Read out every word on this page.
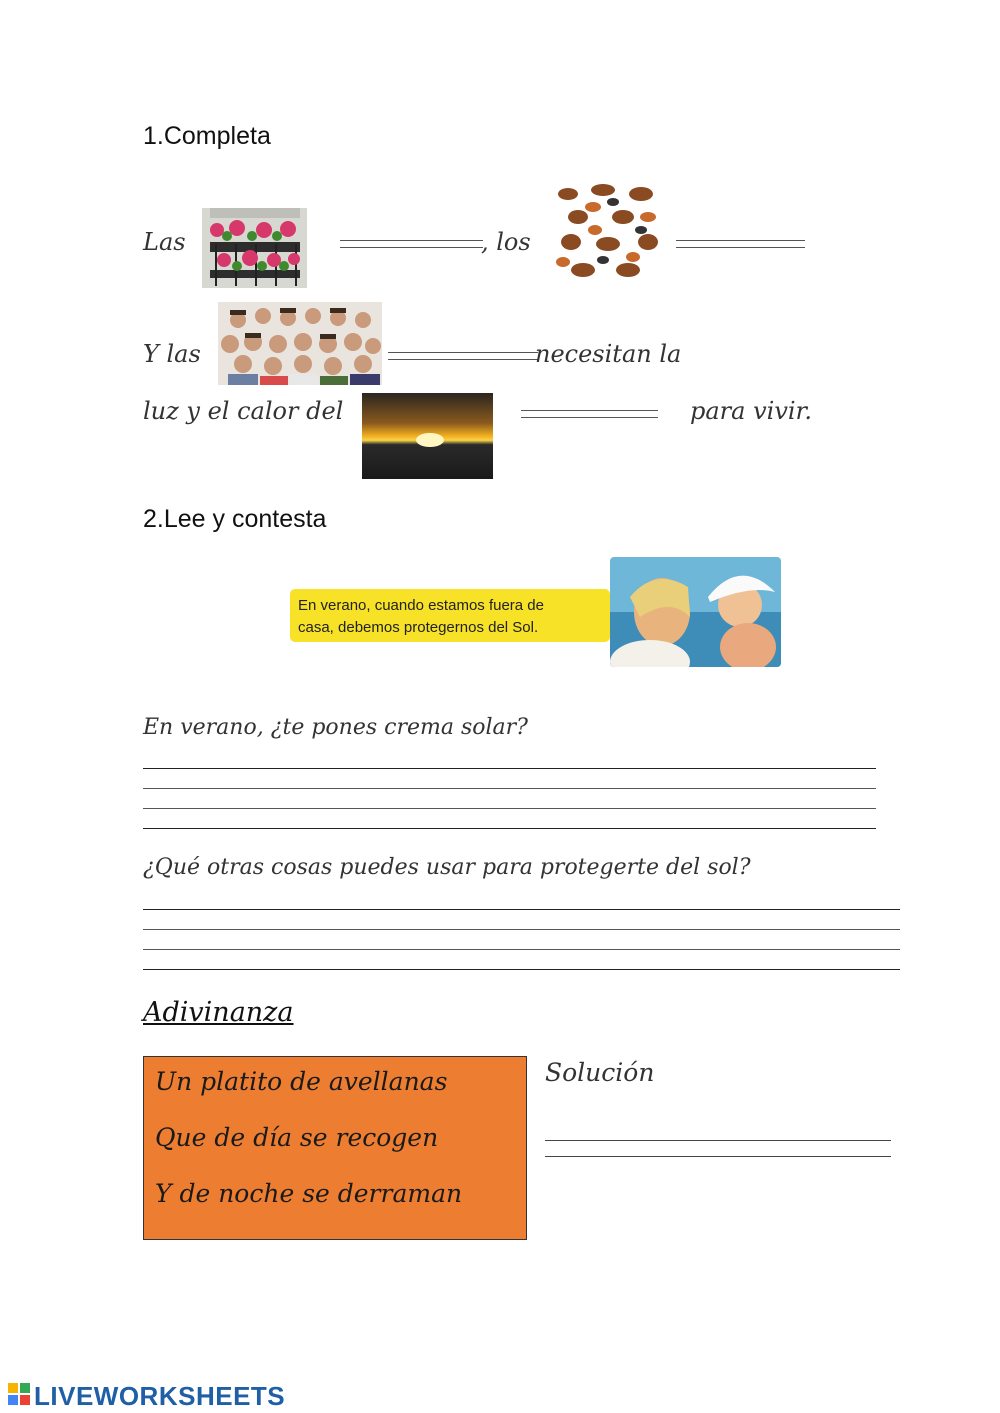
1.Completa
Las	, los
Y las	necesitan la
luz y el calor del	para vivir.
2.Lee y contesta
En verano, cuando estamos fuera de
casa, debemos protegernos del Sol.
En verano, ¿te pones crema solar?
¿Qué otras cosas puedes usar para protegerte del sol?
Adivinanza
Un platito de avellanas
Que de día se recogen
Y de noche se derraman
Solución
LIVEWORKSHEETS
